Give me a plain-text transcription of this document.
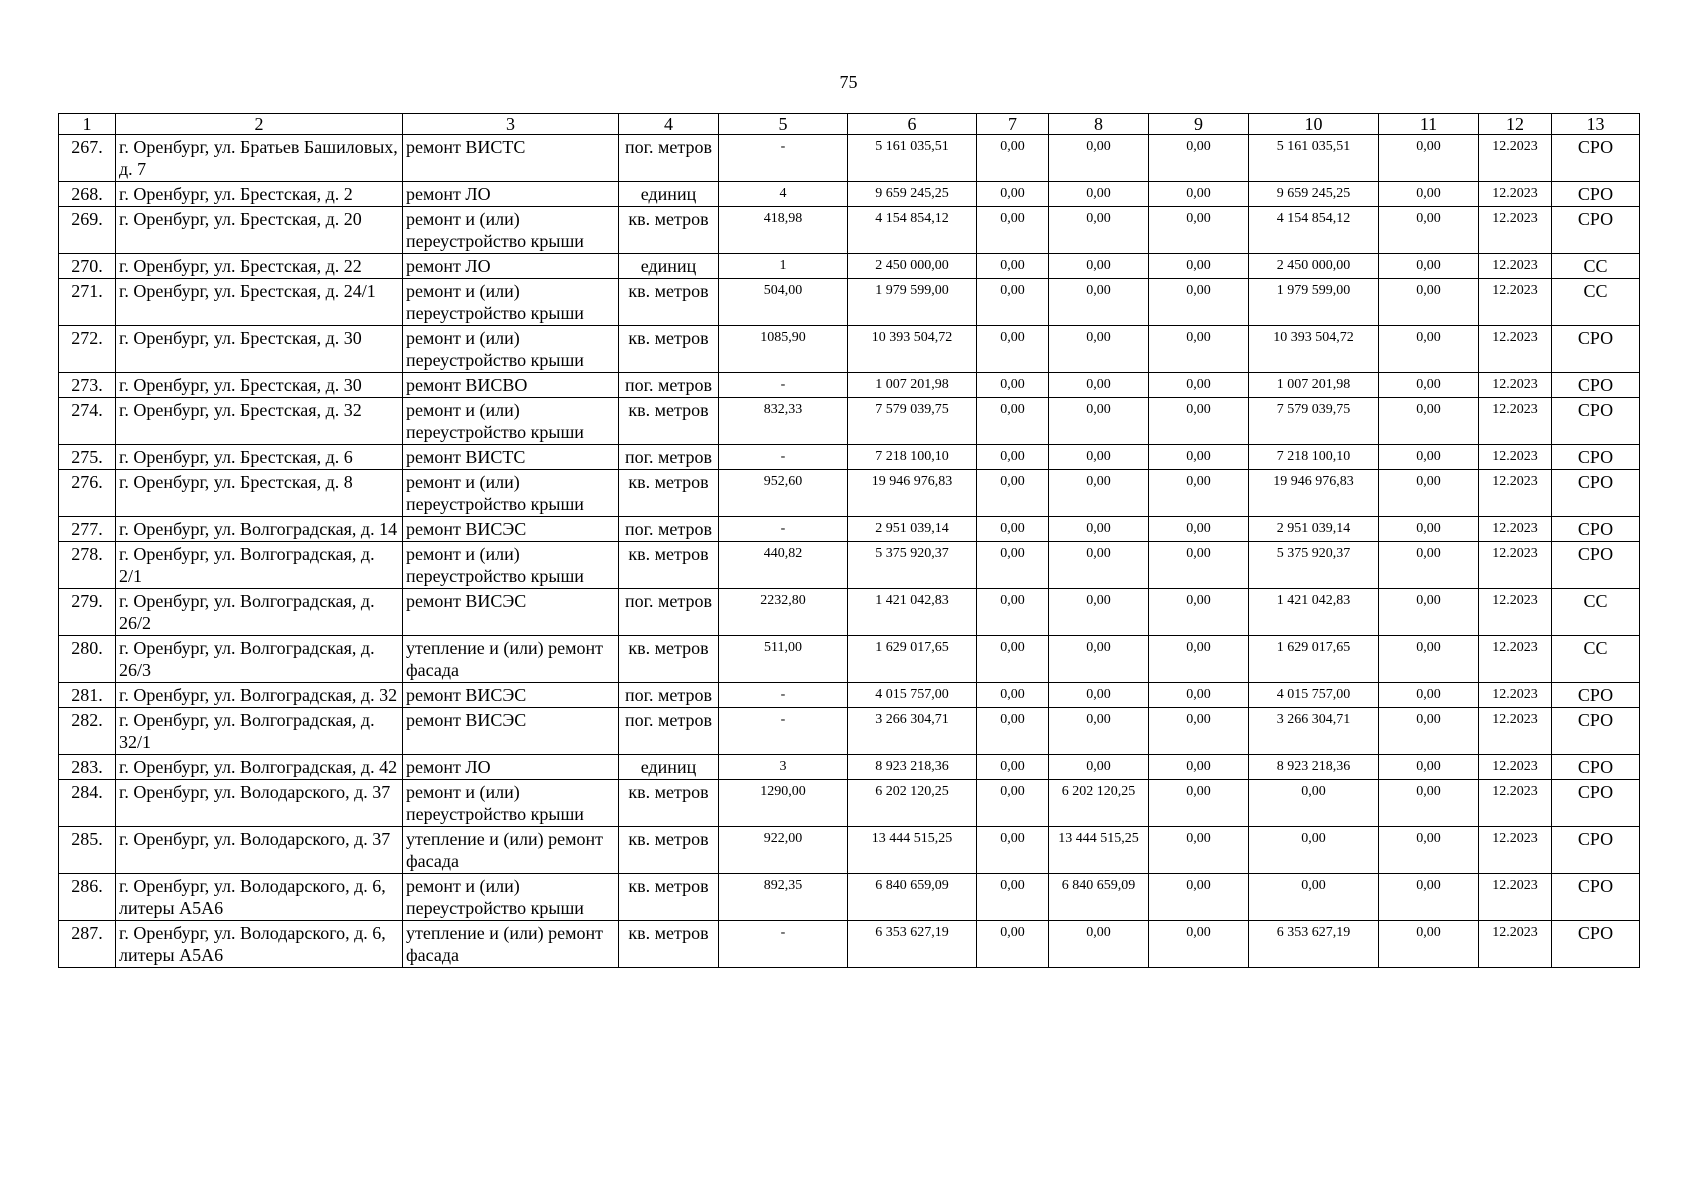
75
1	2	3	4	5	6	7	8	9	10	11	12	13
267.	г. Оренбург, ул. Братьев Башиловых, д. 7	ремонт ВИСТС	пог. метров	-	5 161 035,51	0,00	0,00	0,00	5 161 035,51	0,00	12.2023	СРО
268.	г. Оренбург, ул. Брестская, д. 2	ремонт ЛО	единиц	4	9 659 245,25	0,00	0,00	0,00	9 659 245,25	0,00	12.2023	СРО
269.	г. Оренбург, ул. Брестская, д. 20	ремонт и (или) переустройство крыши	кв. метров	418,98	4 154 854,12	0,00	0,00	0,00	4 154 854,12	0,00	12.2023	СРО
270.	г. Оренбург, ул. Брестская, д. 22	ремонт ЛО	единиц	1	2 450 000,00	0,00	0,00	0,00	2 450 000,00	0,00	12.2023	СС
271.	г. Оренбург, ул. Брестская, д. 24/1	ремонт и (или) переустройство крыши	кв. метров	504,00	1 979 599,00	0,00	0,00	0,00	1 979 599,00	0,00	12.2023	СС
272.	г. Оренбург, ул. Брестская, д. 30	ремонт и (или) переустройство крыши	кв. метров	1085,90	10 393 504,72	0,00	0,00	0,00	10 393 504,72	0,00	12.2023	СРО
273.	г. Оренбург, ул. Брестская, д. 30	ремонт ВИСВО	пог. метров	-	1 007 201,98	0,00	0,00	0,00	1 007 201,98	0,00	12.2023	СРО
274.	г. Оренбург, ул. Брестская, д. 32	ремонт и (или) переустройство крыши	кв. метров	832,33	7 579 039,75	0,00	0,00	0,00	7 579 039,75	0,00	12.2023	СРО
275.	г. Оренбург, ул. Брестская, д. 6	ремонт ВИСТС	пог. метров	-	7 218 100,10	0,00	0,00	0,00	7 218 100,10	0,00	12.2023	СРО
276.	г. Оренбург, ул. Брестская, д. 8	ремонт и (или) переустройство крыши	кв. метров	952,60	19 946 976,83	0,00	0,00	0,00	19 946 976,83	0,00	12.2023	СРО
277.	г. Оренбург, ул. Волгоградская, д. 14	ремонт ВИСЭС	пог. метров	-	2 951 039,14	0,00	0,00	0,00	2 951 039,14	0,00	12.2023	СРО
278.	г. Оренбург, ул. Волгоградская, д. 2/1	ремонт и (или) переустройство крыши	кв. метров	440,82	5 375 920,37	0,00	0,00	0,00	5 375 920,37	0,00	12.2023	СРО
279.	г. Оренбург, ул. Волгоградская, д. 26/2	ремонт ВИСЭС	пог. метров	2232,80	1 421 042,83	0,00	0,00	0,00	1 421 042,83	0,00	12.2023	СС
280.	г. Оренбург, ул. Волгоградская, д. 26/3	утепление и (или) ремонт фасада	кв. метров	511,00	1 629 017,65	0,00	0,00	0,00	1 629 017,65	0,00	12.2023	СС
281.	г. Оренбург, ул. Волгоградская, д. 32	ремонт ВИСЭС	пог. метров	-	4 015 757,00	0,00	0,00	0,00	4 015 757,00	0,00	12.2023	СРО
282.	г. Оренбург, ул. Волгоградская, д. 32/1	ремонт ВИСЭС	пог. метров	-	3 266 304,71	0,00	0,00	0,00	3 266 304,71	0,00	12.2023	СРО
283.	г. Оренбург, ул. Волгоградская, д. 42	ремонт ЛО	единиц	3	8 923 218,36	0,00	0,00	0,00	8 923 218,36	0,00	12.2023	СРО
284.	г. Оренбург, ул. Володарского, д. 37	ремонт и (или) переустройство крыши	кв. метров	1290,00	6 202 120,25	0,00	6 202 120,25	0,00	0,00	0,00	12.2023	СРО
285.	г. Оренбург, ул. Володарского, д. 37	утепление и (или) ремонт фасада	кв. метров	922,00	13 444 515,25	0,00	13 444 515,25	0,00	0,00	0,00	12.2023	СРО
286.	г. Оренбург, ул. Володарского, д. 6, литеры А5А6	ремонт и (или) переустройство крыши	кв. метров	892,35	6 840 659,09	0,00	6 840 659,09	0,00	0,00	0,00	12.2023	СРО
287.	г. Оренбург, ул. Володарского, д. 6, литеры А5А6	утепление и (или) ремонт фасада	кв. метров	-	6 353 627,19	0,00	0,00	0,00	6 353 627,19	0,00	12.2023	СРО
